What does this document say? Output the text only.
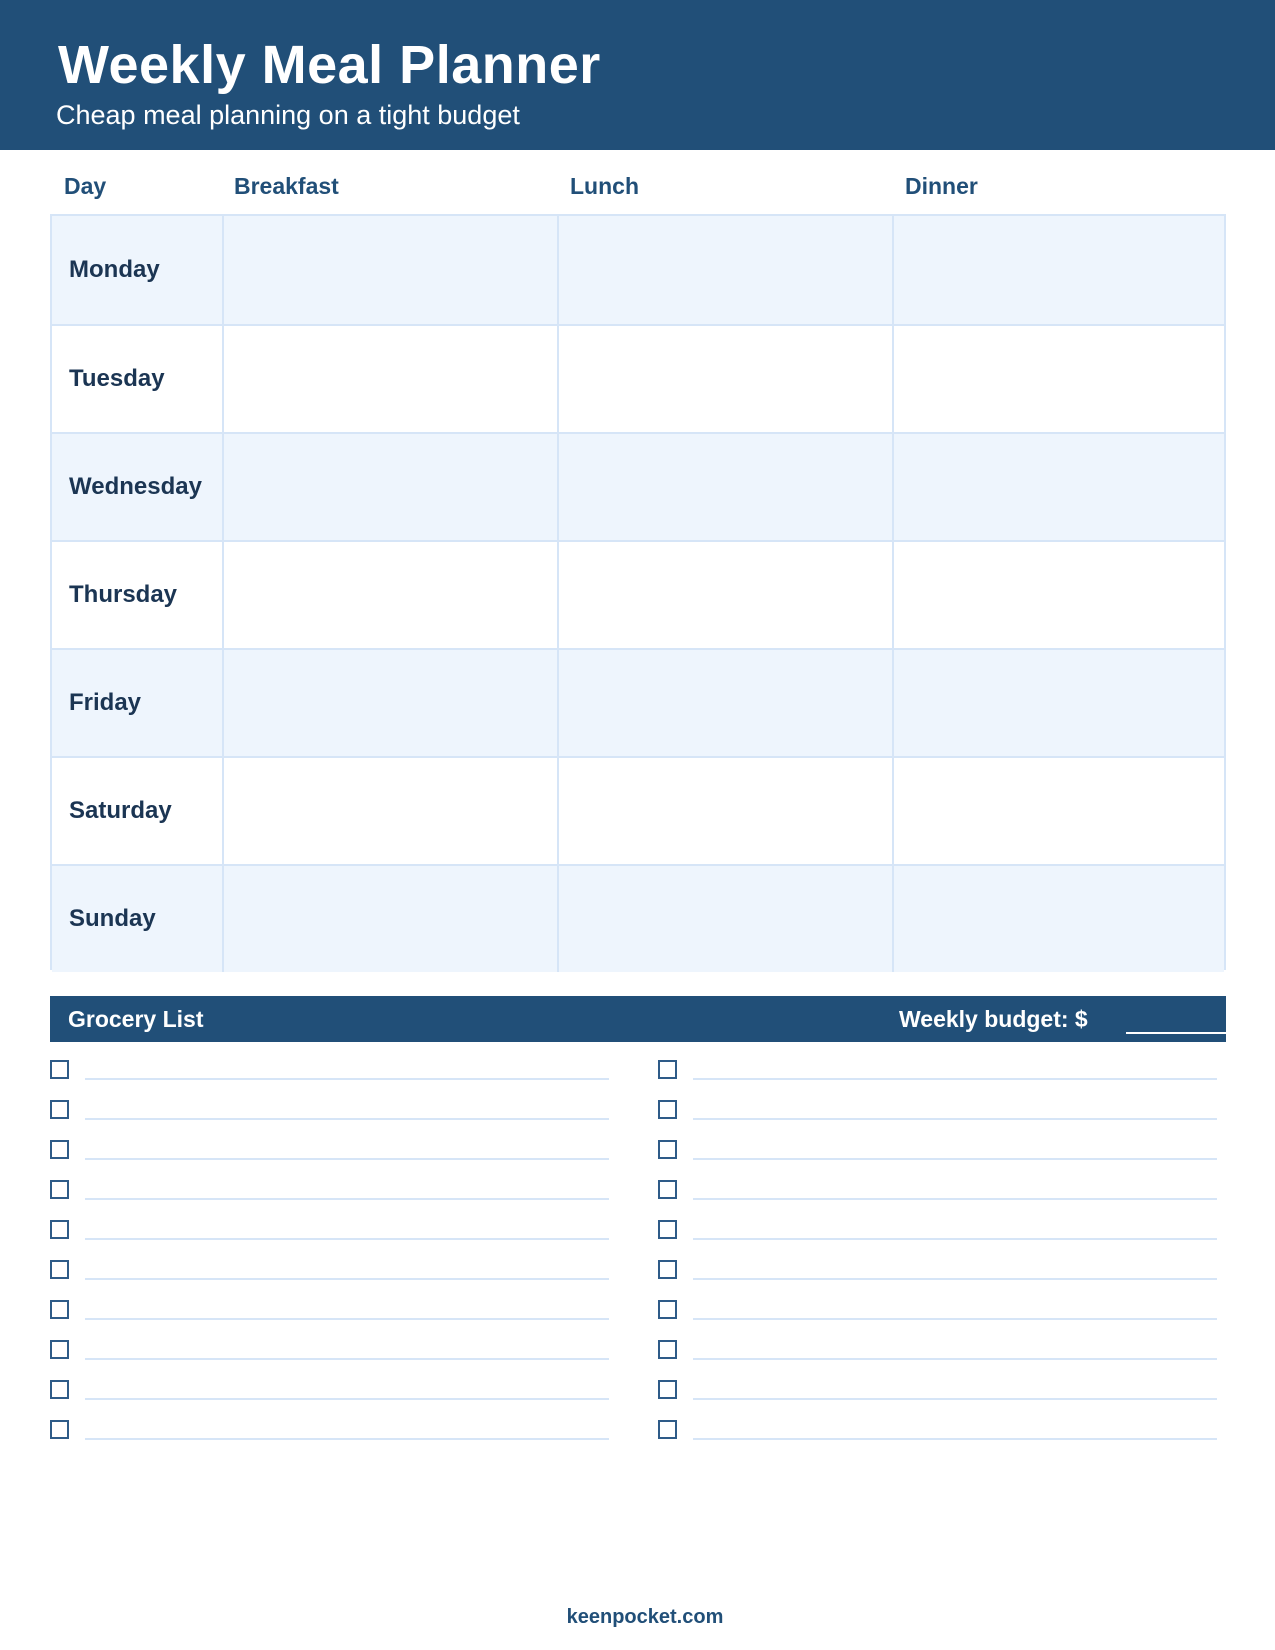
Weekly Meal Planner
Cheap meal planning on a tight budget
Day	Breakfast	Lunch	Dinner
Monday
Tuesday
Wednesday
Thursday
Friday
Saturday
Sunday
Grocery List	Weekly budget: $
keenpocket.com
